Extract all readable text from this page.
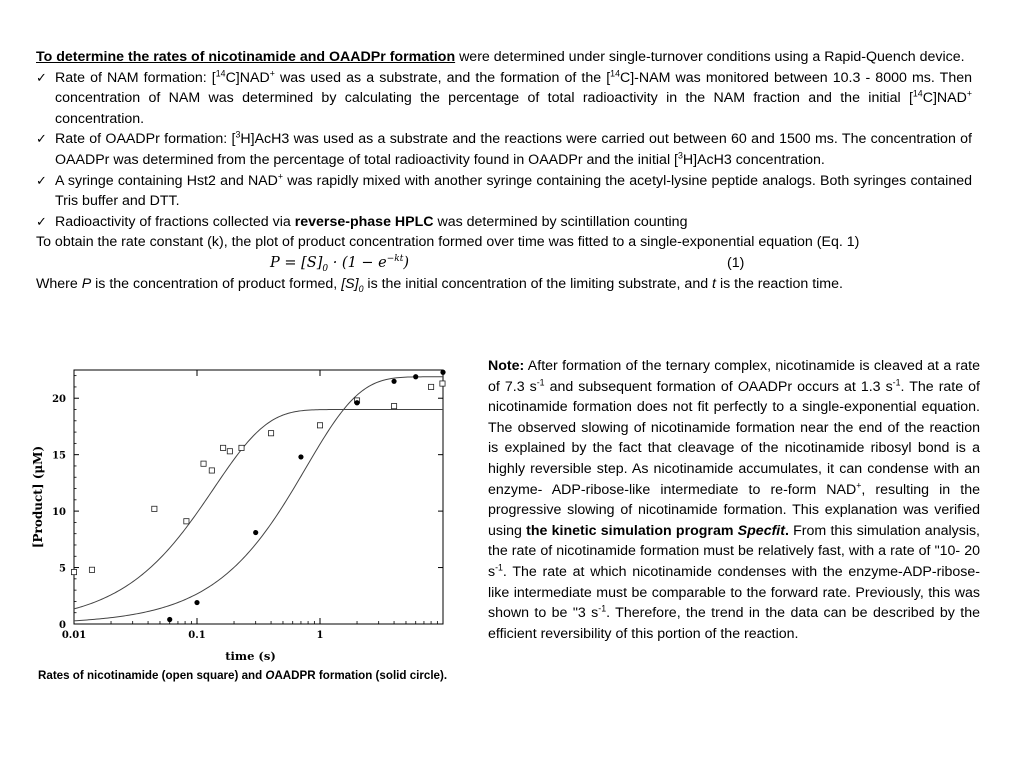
To determine the rates of nicotinamide and OAADPr formation were determined under single-turnover conditions using a Rapid-Quench device.

✓ Rate of NAM formation: [$^{14}$C]NAD+ was used as a substrate, and the formation of the [$^{14}$C]-NAM was monitored between 10.3 - 8000 ms. Then concentration of NAM was determined by calculating the percentage of total radioactivity in the NAM fraction and the initial [$^{14}$C]NAD+ concentration.
✓ Rate of OAADPr formation: [$^3$H]AcH3 was used as a substrate and the reactions were carried out between 60 and 1500 ms. The concentration of OAADPr was determined from the percentage of total radioactivity found in OAADPr and the initial [$^3$H]AcH3 concentration.
✓ A syringe containing Hst2 and NAD+ was rapidly mixed with another syringe containing the acetyl-lysine peptide analogs. Both syringes contained Tris buffer and DTT.
✓ Radioactivity of fractions collected via reverse-phase HPLC was determined by scintillation counting

To obtain the rate constant (k), the plot of product concentration formed over time was fitted to a single-exponential equation (Eq. 1)

$P = [S]_0 \cdot (1 - e^{-kt})$	(1)

Where P is the concentration of product formed, $[S]_0$ is the initial concentration of the limiting substrate, and t is the reaction time.

0
5
10
15
20
0.01	0.1	1
time (s)
[Product] (μM)
Rates of nicotinamide (open square) and OAADPR formation (solid circle).

Note: After formation of the ternary complex, nicotinamide is cleaved at a rate of 7.3 $s^{-1}$ and subsequent formation of OAADPr occurs at 1.3 $s^{-1}$. The rate of nicotinamide formation does not fit perfectly to a single-exponential equation. The observed slowing of nicotinamide formation near the end of the reaction is explained by the fact that cleavage of the nicotinamide ribosyl bond is a highly reversible step. As nicotinamide accumulates, it can condense with an enzyme- ADP-ribose-like intermediate to re-form NAD+, resulting in the progressive slowing of nicotinamide formation. This explanation was verified using the kinetic simulation program Specfit. From this simulation analysis, the rate of nicotinamide formation must be relatively fast, with a rate of "10- 20 $s^{-1}$. The rate at which nicotinamide condenses with the enzyme-ADP-ribose-like intermediate must be comparable to the forward rate. Previously, this was shown to be "3 $s^{-1}$. Therefore, the trend in the data can be described by the efficient reversibility of this portion of the reaction.
